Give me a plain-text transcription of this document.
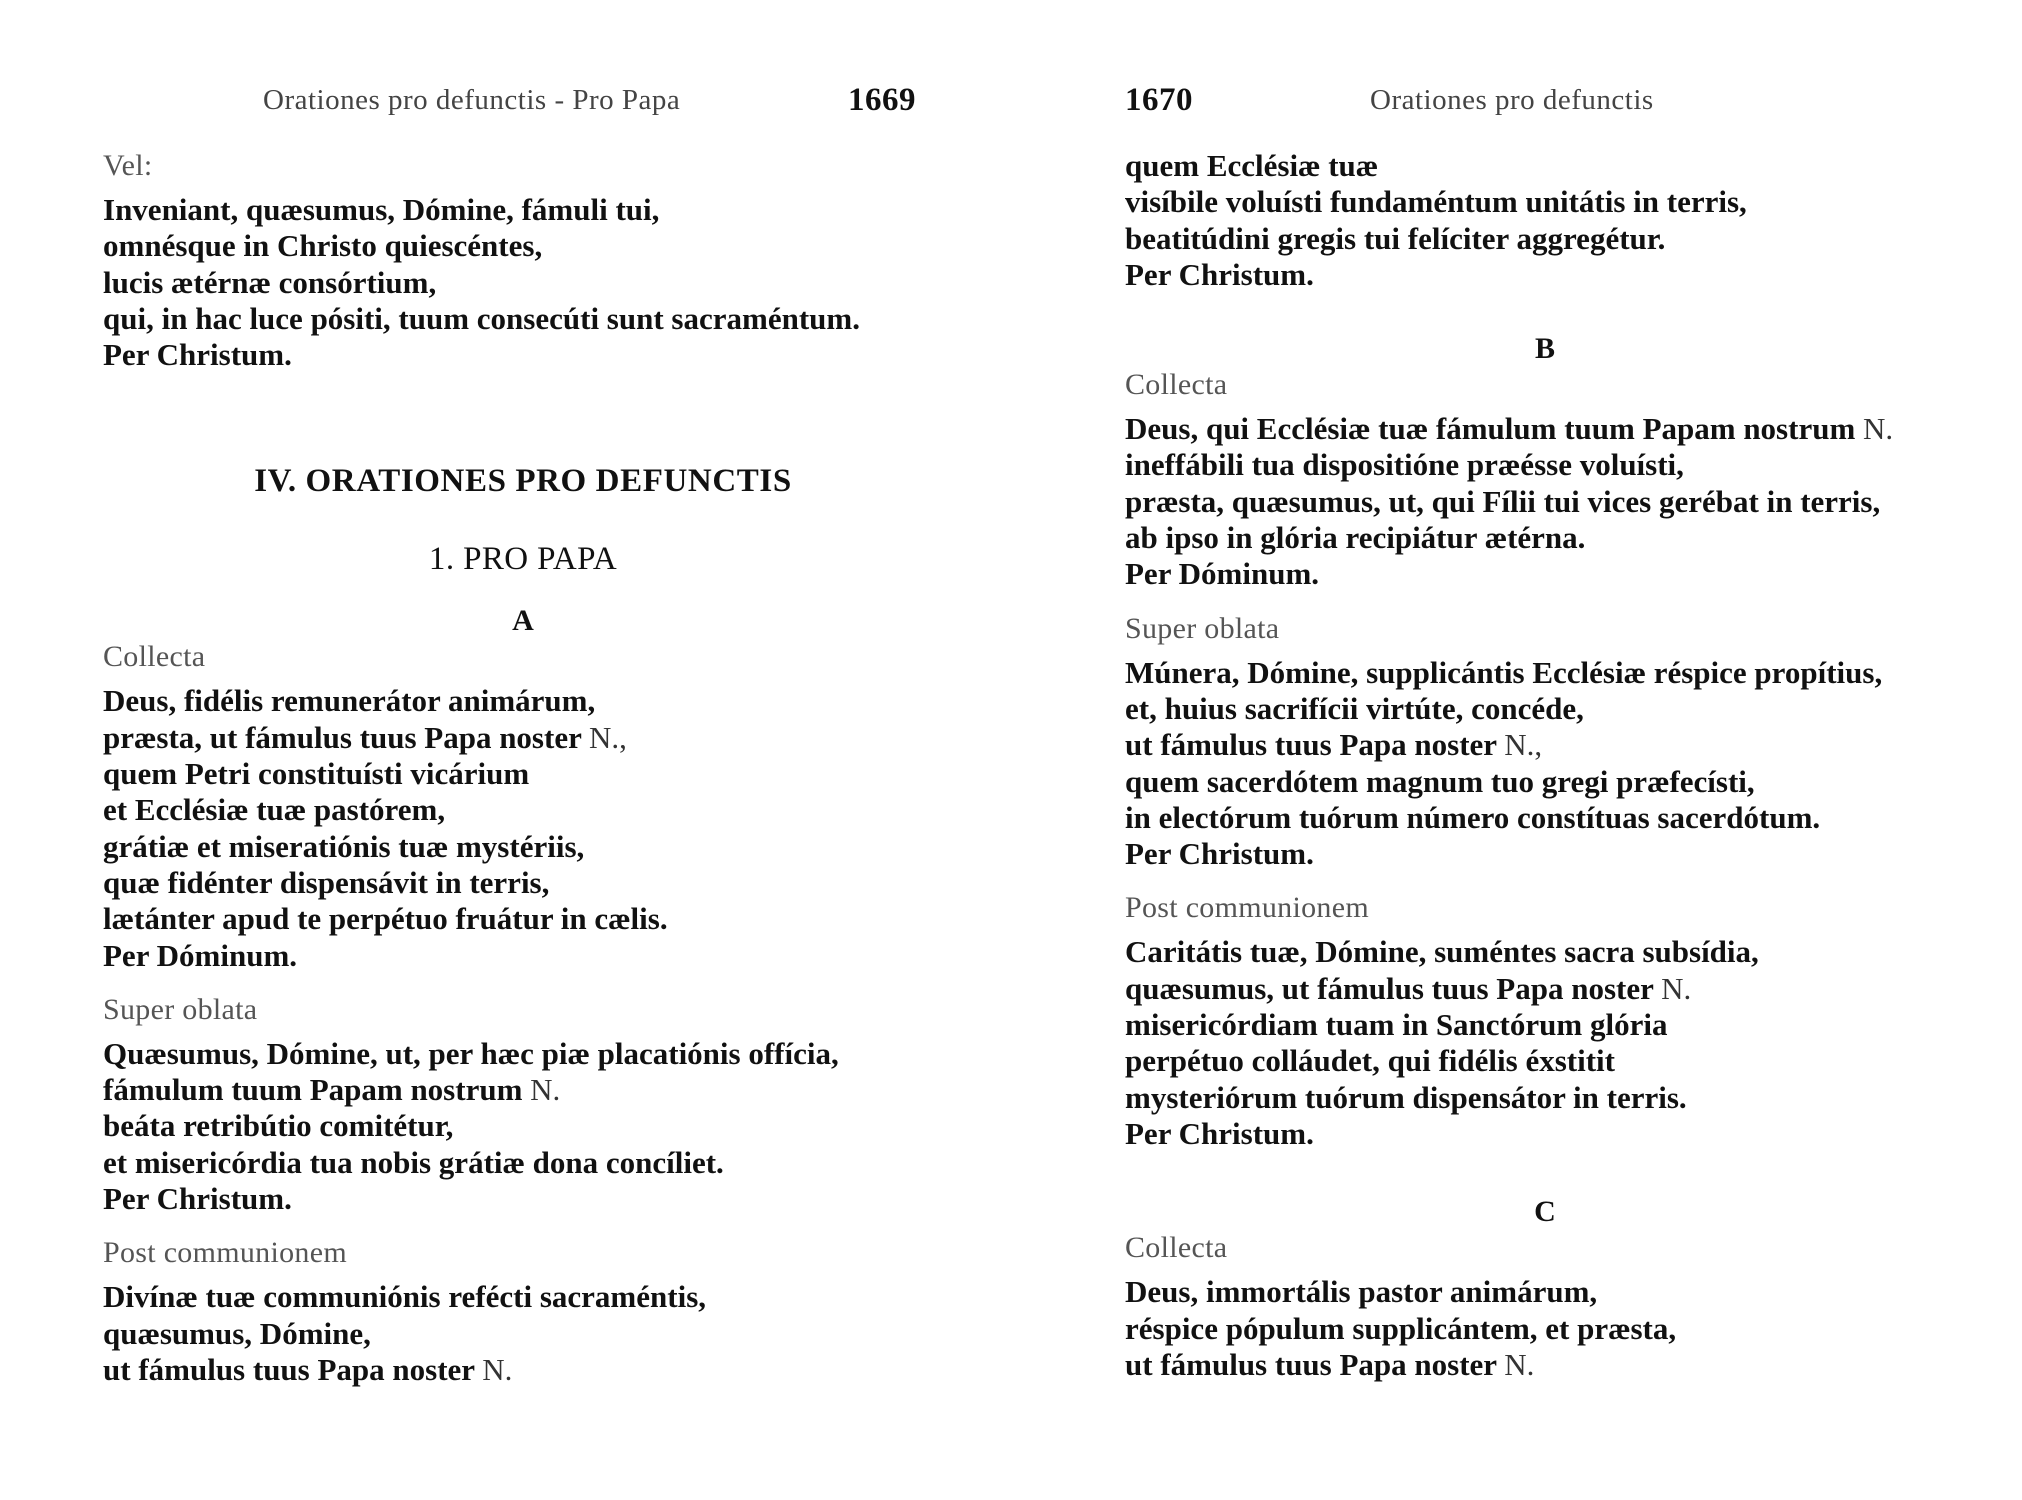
Orationes pro defunctis - Pro Papa	1669
Vel:
Inveniant, quæsumus, Dómine, fámuli tui,
omnésque in Christo quiescéntes,
lucis ætérnæ consórtium,
qui, in hac luce pósiti, tuum consecúti sunt sacraméntum.
Per Christum.
IV. ORATIONES PRO DEFUNCTIS
1. PRO PAPA
A
Collecta
Deus, fidélis remunerátor animárum,
præsta, ut fámulus tuus Papa noster N.,
quem Petri constituísti vicárium
et Ecclésiæ tuæ pastórem,
grátiæ et miseratiónis tuæ mystériis,
quæ fidénter dispensávit in terris,
lætánter apud te perpétuo fruátur in cælis.
Per Dóminum.
Super oblata
Quæsumus, Dómine, ut, per hæc piæ placatiónis offícia,
fámulum tuum Papam nostrum N.
beáta retribútio comitétur,
et misericórdia tua nobis grátiæ dona concíliet.
Per Christum.
Post communionem
Divínæ tuæ communiónis refécti sacraméntis,
quæsumus, Dómine,
ut fámulus tuus Papa noster N.
1670	Orationes pro defunctis
quem Ecclésiæ tuæ
visíbile voluísti fundaméntum unitátis in terris,
beatitúdini gregis tui felíciter aggregétur.
Per Christum.
B
Collecta
Deus, qui Ecclésiæ tuæ fámulum tuum Papam nostrum N.
ineffábili tua dispositióne præésse voluísti,
præsta, quæsumus, ut, qui Fílii tui vices gerébat in terris,
ab ipso in glória recipiátur ætérna.
Per Dóminum.
Super oblata
Múnera, Dómine, supplicántis Ecclésiæ réspice propítius,
et, huius sacrifícii virtúte, concéde,
ut fámulus tuus Papa noster N.,
quem sacerdótem magnum tuo gregi præfecísti,
in electórum tuórum número constítuas sacerdótum.
Per Christum.
Post communionem
Caritátis tuæ, Dómine, suméntes sacra subsídia,
quæsumus, ut fámulus tuus Papa noster N.
misericórdiam tuam in Sanctórum glória
perpétuo colláudet, qui fidélis éxstitit
mysteriórum tuórum dispensátor in terris.
Per Christum.
C
Collecta
Deus, immortális pastor animárum,
réspice pópulum supplicántem, et præsta,
ut fámulus tuus Papa noster N.
